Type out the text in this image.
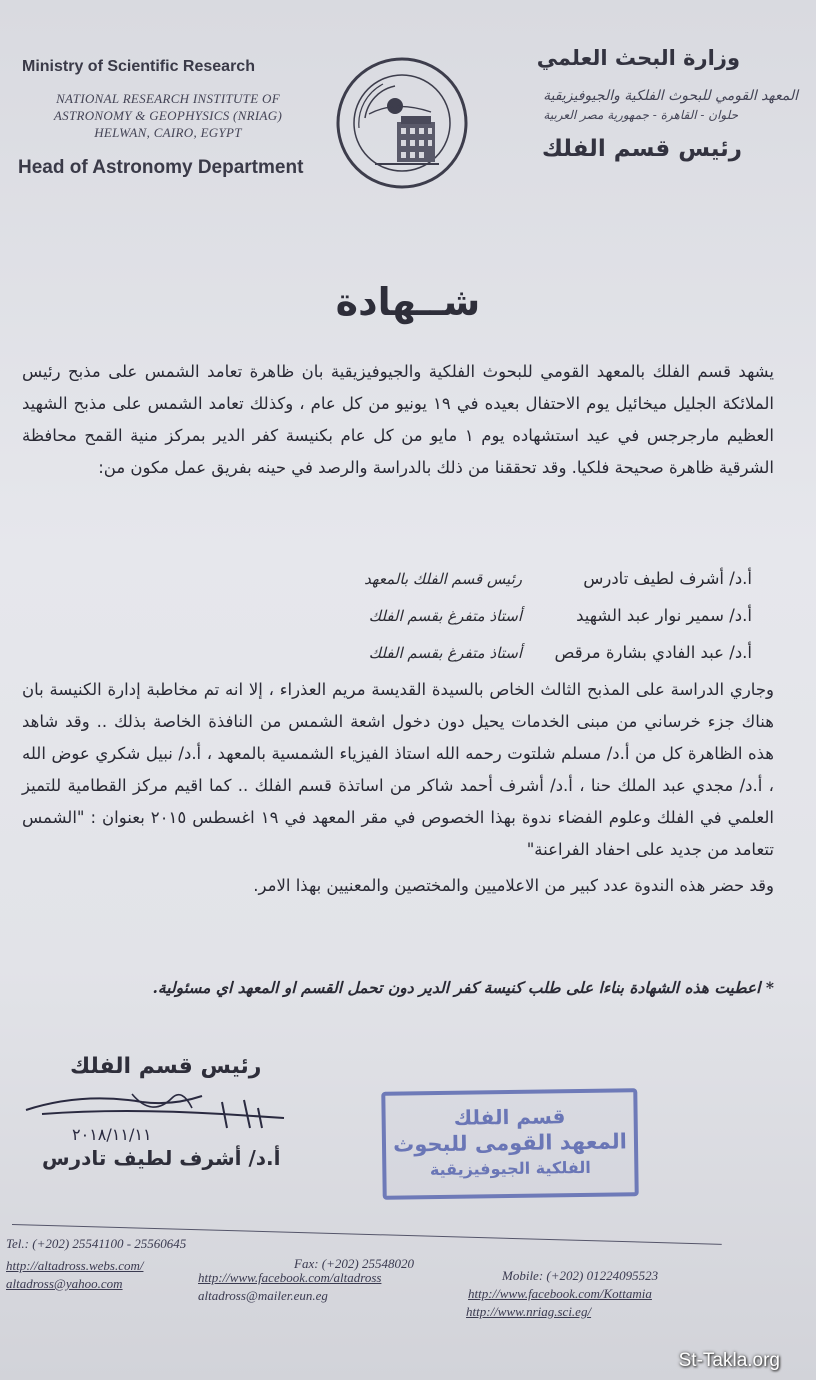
Ministry of Scientific Research
NATIONAL RESEARCH INSTITUTE OF
ASTRONOMY & GEOPHYSICS (NRIAG)
HELWAN, CAIRO, EGYPT
Head of Astronomy Department
وزارة البحث العلمي
المعهد القومي للبحوث الفلكية والجيوفيزيقية
حلوان - القاهرة - جمهورية مصر العربية
رئيس قسم الفلك
شــهادة
يشهد قسم الفلك بالمعهد القومي للبحوث الفلكية والجيوفيزيقية بان ظاهرة تعامد الشمس على مذبح رئيس الملائكة الجليل ميخائيل يوم الاحتفال بعيده في ١٩ يونيو من كل عام ، وكذلك تعامد الشمس على مذبح الشهيد العظيم مارجرجس في عيد استشهاده يوم ١ مايو من كل عام بكنيسة كفر الدير بمركز منية القمح محافظة الشرقية ظاهرة صحيحة فلكيا. وقد تحققنا من ذلك بالدراسة والرصد في حينه بفريق عمل مكون من:
أ.د/ أشرف لطيف تادرس
رئيس قسم الفلك بالمعهد
أ.د/ سمير نوار عبد الشهيد
أستاذ متفرغ بقسم الفلك
أ.د/ عبد الفادي بشارة مرقص
أستاذ متفرغ بقسم الفلك
وجاري الدراسة على المذبح الثالث الخاص بالسيدة القديسة مريم العذراء ، إلا انه تم مخاطبة إدارة الكنيسة بان هناك جزء خرساني من مبنى الخدمات يحيل دون دخول اشعة الشمس من النافذة الخاصة بذلك .. وقد شاهد هذه الظاهرة كل من أ.د/ مسلم شلتوت رحمه الله استاذ الفيزياء الشمسية بالمعهد ، أ.د/ نبيل شكري عوض الله ، أ.د/ مجدي عبد الملك حنا ، أ.د/ أشرف أحمد شاكر من اساتذة قسم الفلك .. كما اقيم مركز القطامية للتميز العلمي في الفلك وعلوم الفضاء ندوة بهذا الخصوص في مقر المعهد في ١٩ اغسطس ٢٠١٥ بعنوان : "الشمس تتعامد من جديد على احفاد الفراعنة"
وقد حضر هذه الندوة عدد كبير من الاعلاميين والمختصين والمعنيين بهذا الامر.
* اعطيت هذه الشهادة بناءا على طلب كنيسة كفر الدير دون تحمل القسم او المعهد اي مسئولية.
رئيس قسم الفلك
٢٠١٨/١١/١١
أ.د/ أشرف لطيف تادرس
قسم الفلك
المعهد القومى للبحوث
الفلكية الجيوفيزيقية
Tel.: (+202) 25541100 - 25560645
Fax: (+202) 25548020
Mobile: (+202) 01224095523
http://altadross.webs.com/
altadross@yahoo.com	http://www.facebook.com/altadross
altadross@mailer.eun.eg	http://www.facebook.com/Kottamia
http://www.nriag.sci.eg/
St-Takla.org
